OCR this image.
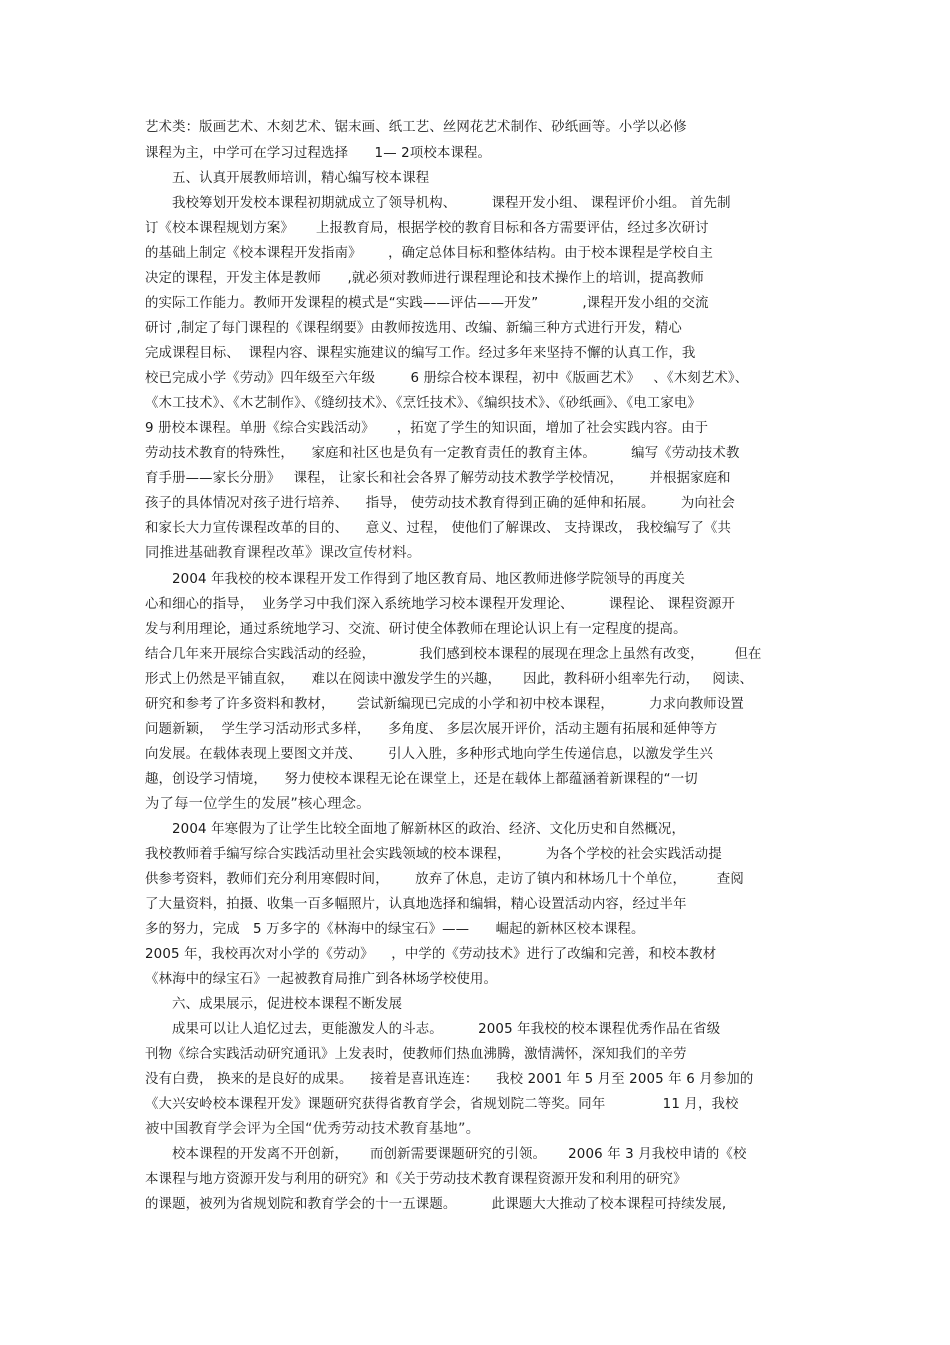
艺术类：版画艺术、木刻艺术、锯末画、纸工艺、丝网花艺术制作、砂纸画等。小学以必修
课程为主，中学可在学习过程选择      1— 2项校本课程。
五、认真开展教师培训，精心编写校本课程
我校筹划开发校本课程初期就成立了领导机构、        课程开发小组、 课程评价小组。 首先制
订《校本课程规划方案》     上报教育局，根据学校的教育目标和各方需要评估，经过多次研讨
的基础上制定《校本课程开发指南》      ，确定总体目标和整体结构。由于校本课程是学校自主
决定的课程，开发主体是教师      ,就必须对教师进行课程理论和技术操作上的培训，提高教师
的实际工作能力。教师开发课程的模式是“实践——评估——开发”          ,课程开发小组的交流
研讨 ,制定了每门课程的《课程纲要》由教师按选用、改编、新编三种方式进行开发，精心
完成课程目标、  课程内容、课程实施建议的编写工作。经过多年来坚持不懈的认真工作，我
校已完成小学《劳动》四年级至六年级        6 册综合校本课程，初中《版画艺术》   、《木刻艺术》、
《木工技术》、《木艺制作》、《缝纫技术》、《烹饪技术》、《编织技术》、《砂纸画》、《电工家电》
9 册校本课程。单册《综合实践活动》     ，拓宽了学生的知识面，增加了社会实践内容。由于
劳动技术教育的特殊性，    家庭和社区也是负有一定教育责任的教育主体。        编写《劳动技术教
育手册——家长分册》   课程， 让家长和社会各界了解劳动技术教学学校情况，      并根据家庭和
孩子的具体情况对孩子进行培养、    指导， 使劳动技术教育得到正确的延伸和拓展。      为向社会
和家长大力宣传课程改革的目的、    意义、过程， 使他们了解课改、 支持课改， 我校编写了《共
同推进基础教育课程改革》课改宣传材料。
2004 年我校的校本课程开发工作得到了地区教育局、地区教师进修学院领导的再度关
心和细心的指导，  业务学习中我们深入系统地学习校本课程开发理论、        课程论、 课程资源开
发与利用理论，通过系统地学习、交流、研讨使全体教师在理论认识上有一定程度的提高。
结合几年来开展综合实践活动的经验，          我们感到校本课程的展现在理念上虽然有改变，       但在
形式上仍然是平铺直叙，    难以在阅读中激发学生的兴趣，     因此，教科研小组率先行动，   阅读、
研究和参考了许多资料和教材，     尝试新编现已完成的小学和初中校本课程，        力求向教师设置
问题新颖，  学生学习活动形式多样，    多角度、 多层次展开评价，活动主题有拓展和延伸等方
向发展。在载体表现上要图文并茂、      引人入胜，多种形式地向学生传递信息，以激发学生兴
趣，创设学习情境，    努力使校本课程无论在课堂上，还是在载体上都蕴涵着新课程的“一切
为了每一位学生的发展”核心理念。
2004 年寒假为了让学生比较全面地了解新林区的政治、经济、文化历史和自然概况，
我校教师着手编写综合实践活动里社会实践领域的校本课程，        为各个学校的社会实践活动提
供参考资料，教师们充分利用寒假时间，      放弃了休息，走访了镇内和林场几十个单位，       查阅
了大量资料，拍摄、收集一百多幅照片，认真地选择和编辑，精心设置活动内容，经过半年
多的努力，完成   5 万多字的《林海中的绿宝石》——      崛起的新林区校本课程。
2005 年，我校再次对小学的《劳动》    ，中学的《劳动技术》进行了改编和完善，和校本教材
《林海中的绿宝石》一起被教育局推广到各林场学校使用。
六、成果展示，促进校本课程不断发展
成果可以让人追忆过去，更能激发人的斗志。        2005 年我校的校本课程优秀作品在省级
刊物《综合实践活动研究通讯》上发表时，使教师们热血沸腾，激情满怀，深知我们的辛劳
没有白费， 换来的是良好的成果。    接着是喜讯连连：    我校 2001 年 5 月至 2005 年 6 月参加的
《大兴安岭校本课程开发》课题研究获得省教育学会，省规划院二等奖。同年             11 月，我校
被中国教育学会评为全国“优秀劳动技术教育基地”。
校本课程的开发离不开创新，     而创新需要课题研究的引领。     2006 年 3 月我校申请的《校
本课程与地方资源开发与利用的研究》和《关于劳动技术教育课程资源开发和利用的研究》
的课题，被列为省规划院和教育学会的十一五课题。        此课题大大推动了校本课程可持续发展,
